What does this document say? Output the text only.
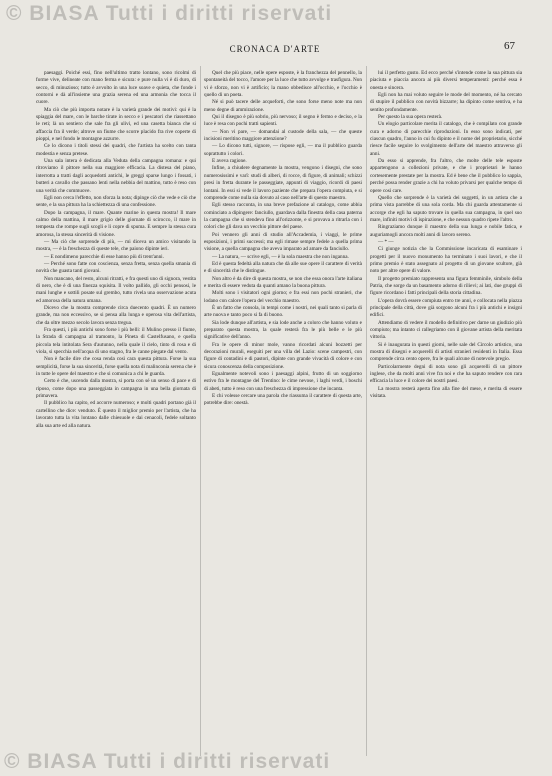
© BIASA Tutti i diritti riservati
CRONACA D'ARTE	67

paesaggi. Poiché essi, fino nell'ultimo tratto lontano, sono ricolmi di forme vive, delineate con mano ferma e sicura: e pure nulla vi è di duro, di secco, di minuzioso; tutto è avvolto in una luce soave e quieta, che fonde i contorni e dà all'insieme una grazia serena ed una armonia che tocca il cuore.

Ma ciò che più importa notare è la varietà grande dei motivi: qui è la spiaggia del mare, con le barche tirate in secco e i pescatori che riassettano le reti; là un sentiero che sale fra gli ulivi, ed una casetta bianca che si affaccia fra il verde; altrove un fiume che scorre placido fra rive coperte di pioppi, e nel fondo le montagne azzurre.

Ce lo dicono i titoli stessi dei quadri, che l'artista ha scelto con tanta modestia e senza pretese.

Una sala intera è dedicata alla Veduta della campagna romana: e qui ritroviamo il pittore nella sua maggiore efficacia. La distesa del piano, interrotta a tratti dagli acquedotti antichi, le greggi sparse lungo i fossati, i butteri a cavallo che passano lenti nella nebbia del mattino, tutto è reso con una verità che commuove.

Egli non cerca l'effetto, non sforza la nota; dipinge ciò che vede e ciò che sente, e la sua pittura ha la schiettezza di una confessione.

Dopo la campagna, il mare. Quante marine in questa mostra! Il mare calmo della mattina, il mare grigio delle giornate di scirocco, il mare in tempesta che rompe sugli scogli e li copre di spuma. E sempre la stessa cura amorosa, la stessa sincerità di visione.

— Ma ciò che sorprende di più, — mi diceva un amico visitando la mostra, — è la freschezza di queste tele, che paiono dipinte ieri.

— E nondimeno parecchie di esse hanno più di trent'anni.

— Perché sono fatte con coscienza, senza fretta, senza quella smania di novità che guasta tanti giovani.

Non mancano, del resto, alcuni ritratti, e fra questi uno di signora, vestita di nero, che è di una finezza squisita. Il volto pallido, gli occhi pensosi, le mani lunghe e sottili posate sul grembo, tutto rivela una osservazione acuta ed amorosa della natura umana.

Dicevo che la mostra comprende circa duecento quadri. È un numero grande, ma non eccessivo, se si pensa alla lunga e operosa vita dell'artista, che da oltre mezzo secolo lavora senza tregua.

Fra questi, i più antichi sono forse i più belli: il Mulino presso il fiume, la Strada di campagna al tramonto, la Pineta di Castelfusano, e quella piccola tela intitolata Sera d'autunno, nella quale il cielo, tinto di rosa e di viola, si specchia nell'acqua di uno stagno, fra le canne piegate dal vento.

Non è facile dire che cosa renda così cara questa pittura. Forse la sua semplicità, forse la sua sincerità, forse quella nota di malinconia serena che è in tutte le opere del maestro e che si comunica a chi le guarda.

Certo è che, uscendo dalla mostra, si porta con sé un senso di pace e di riposo, come dopo una passeggiata in campagna in una bella giornata di primavera.

Il pubblico ha capito, ed accorre numeroso; e molti quadri portano già il cartellino che dice: venduto. È questo il miglior premio per l'artista, che ha lavorato tutta la vita lontano dalle chiesuole e dai cenacoli, fedele soltanto alla sua arte ed alla natura.

Quel che più piace, nelle opere esposte, è la franchezza del pennello, la spontaneità del tocco, l'amore per la luce che tutto avvolge e trasfigura. Non vi è sforzo, non vi è artificio; la mano obbedisce all'occhio, e l'occhio è quello di un poeta.

Né si può tacere delle acqueforti, che sono forse meno note ma non meno degne di ammirazione.

Qui il disegno è più sobrio, più nervoso; il segno è fermo e deciso, e la luce è resa con pochi tratti sapienti.

— Non vi pare, — domandai al custode della sala, — che queste incisioni meritino maggiore attenzione?

— Lo dicono tutti, signore, — rispose egli, — ma il pubblico guarda soprattutto i colori.

E aveva ragione.

Infine, a chiudere degnamente la mostra, vengono i disegni, che sono numerosissimi e varî: studi di alberi, di rocce, di figure, di animali; schizzi presi in fretta durante le passeggiate, appunti di viaggio, ricordi di paesi lontani. In essi si vede il lavoro paziente che prepara l'opera compiuta, e si comprende come nulla sia dovuto al caso nell'arte di questo maestro.

Egli stesso racconta, in una breve prefazione al catalogo, come abbia cominciato a dipingere: fanciullo, guardava dalla finestra della casa paterna la campagna che si stendeva fino all'orizzonte, e si provava a ritrarla con i colori che gli dava un vecchio pittore del paese.

Poi vennero gli anni di studio all'Accademia, i viaggi, le prime esposizioni, i primi successi; ma egli rimase sempre fedele a quella prima visione, a quella campagna che aveva imparato ad amare da fanciullo.

— La natura, — scrive egli, — è la sola maestra che non inganna.

Ed è questa fedeltà alla natura che dà alle sue opere il carattere di verità e di sincerità che le distingue.

Non altro è da dire di questa mostra, se non che essa onora l'arte italiana e merita di essere veduta da quanti amano la buona pittura.

Molti sono i visitatori ogni giorno; e fra essi non pochi stranieri, che lodano con calore l'opera del vecchio maestro.

È un fatto che consola, in tempi come i nostri, nei quali tanto si parla di arte nuova e tanto poco si fa di buono.

Sia lode dunque all'artista, e sia lode anche a coloro che hanno voluto e preparato questa mostra, la quale resterà fra le più belle e le più significative dell'anno.

Fra le opere di minor mole, vanno ricordati alcuni bozzetti per decorazioni murali, eseguiti per una villa del Lazio: scene campestri, con figure di contadini e di pastori, dipinte con grande vivacità di colore e con sicura conoscenza della composizione.

Egualmente notevoli sono i paesaggi alpini, frutto di un soggiorno estivo fra le montagne del Trentino: le cime nevose, i laghi verdi, i boschi di abeti, tutto è reso con una freschezza di impressione che incanta.

E chi volesse cercare una parola che riassuma il carattere di questa arte, potrebbe dire: onestà.

lui il perfetto gusto. Ed ecco perché s'intende come la sua pittura sia piaciuta e piaccia ancora ai più diversi temperamenti: perché essa è onesta e sincera.

Egli non ha mai voluto seguire le mode del momento, né ha cercato di stupire il pubblico con novità bizzarre; ha dipinto come sentiva, e ha sentito profondamente.

Per questo la sua opera resterà.

Un elogio particolare merita il catalogo, che è compilato con grande cura e adorno di parecchie riproduzioni. In esso sono indicati, per ciascun quadro, l'anno in cui fu dipinto e il nome del proprietario, sicché riesce facile seguire lo svolgimento dell'arte del maestro attraverso gli anni.

Da esso si apprende, fra l'altro, che molte delle tele esposte appartengono a collezioni private, e che i proprietari le hanno cortesemente prestate per la mostra. Ed è bene che il pubblico lo sappia, perché possa render grazie a chi ha voluto privarsi per qualche tempo di opere così care.

Quello che sorprende è la varietà dei soggetti, in un artista che a prima vista parrebbe di una sola corda. Ma chi guarda attentamente si accorge che egli ha saputo trovare in quella sua campagna, in quel suo mare, infiniti motivi di ispirazione, e che nessun quadro ripete l'altro.

Ringraziamo dunque il maestro della sua lunga e nobile fatica, e auguriamogli ancora molti anni di lavoro sereno.

— * —

Ci giunge notizia che la Commissione incaricata di esaminare i progetti per il nuovo monumento ha terminato i suoi lavori, e che il primo premio è stato assegnato al progetto di un giovane scultore, già noto per altre opere di valore.

Il progetto premiato rappresenta una figura femminile, simbolo della Patria, che sorge da un basamento adorno di rilievi; ai lati, due gruppi di figure ricordano i fatti principali della storia cittadina.

L'opera dovrà essere compiuta entro tre anni, e collocata nella piazza principale della città, dove già sorgono alcuni fra i più antichi e insigni edifici.

Attendiamo di vedere il modello definitivo per darne un giudizio più compiuto; ma intanto ci rallegriamo con il giovane artista della meritata vittoria.

Si è inaugurata in questi giorni, nelle sale del Circolo artistico, una mostra di disegni e acquerelli di artisti stranieri residenti in Italia. Essa comprende circa cento opere, fra le quali alcune di notevole pregio.

Particolarmente degni di nota sono gli acquerelli di un pittore inglese, che da molti anni vive fra noi e che ha saputo rendere con rara efficacia la luce e il colore dei nostri paesi.

La mostra resterà aperta fino alla fine del mese, e merita di essere visitata.

© BIASA Tutti i diritti riservati
